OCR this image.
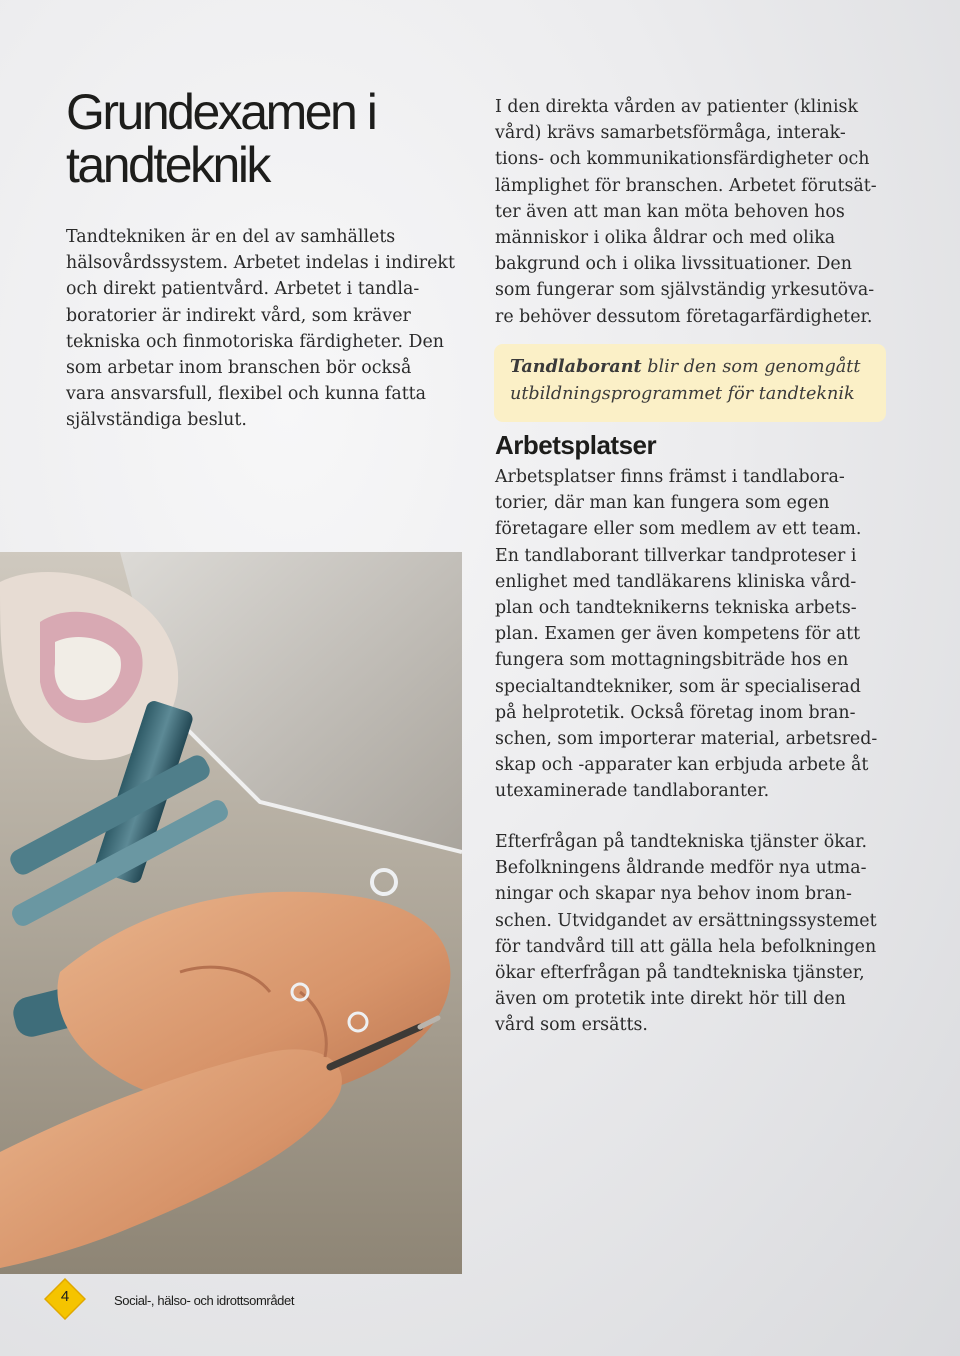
Grundexamen i
tandteknik

Tandtekniken är en del av samhällets
hälsovårdssystem. Arbetet indelas i indirekt
och direkt patientvård. Arbetet i tandla-
boratorier är indirekt vård, som kräver
tekniska och finmotoriska färdigheter. Den
som arbetar inom branschen bör också
vara ansvarsfull, flexibel och kunna fatta
självständiga beslut.

I den direkta vården av patienter (klinisk
vård) krävs samarbetsförmåga, interak-
tions- och kommunikationsfärdigheter och
lämplighet för branschen. Arbetet förutsät-
ter även att man kan möta behoven hos
människor i olika åldrar och med olika
bakgrund och i olika livssituationer. Den
som fungerar som självständig yrkesutöva-
re behöver dessutom företagarfärdigheter.

Tandlaborant blir den som genomgått
utbildningsprogrammet för tandteknik

Arbetsplatser

Arbetsplatser finns främst i tandlabora-
torier, där man kan fungera som egen
företagare eller som medlem av ett team.
En tandlaborant tillverkar tandproteser i
enlighet med tandläkarens kliniska vård-
plan och tandteknikerns tekniska arbets-
plan. Examen ger även kompetens för att
fungera som mottagningsbiträde hos en
specialtandtekniker, som är specialiserad
på helprotetik. Också företag inom bran-
schen, som importerar material, arbetsred-
skap och -apparater kan erbjuda arbete åt
utexaminerade tandlaboranter.

Efterfrågan på tandtekniska tjänster ökar.
Befolkningens åldrande medför nya utma-
ningar och skapar nya behov inom bran-
schen. Utvidgandet av ersättningssystemet
för tandvård till att gälla hela befolkningen
ökar efterfrågan på tandtekniska tjänster,
även om protetik inte direkt hör till den
vård som ersätts.

4	Social-, hälso- och idrottsområdet
